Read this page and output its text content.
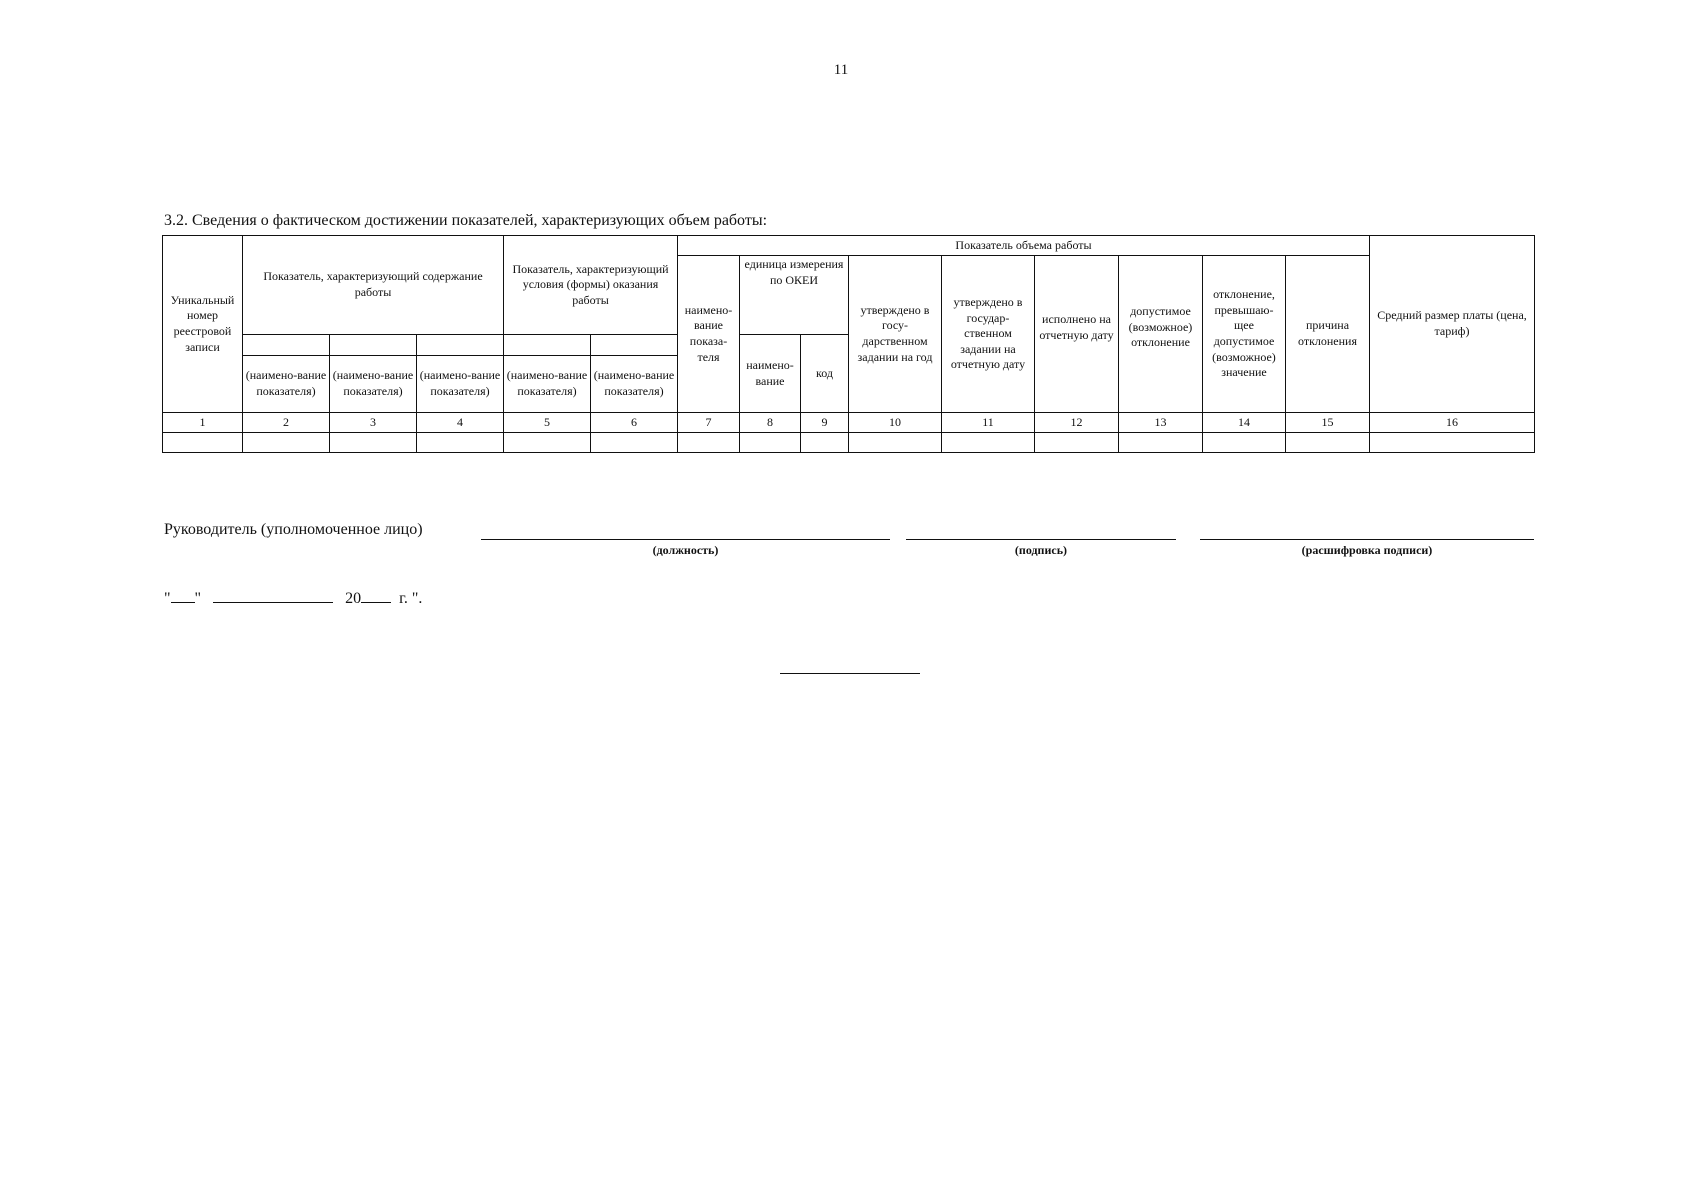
11
3.2. Сведения о фактическом достижении показателей, характеризующих объем работы:
Уникальный номер реестровой записи	Показатель, характеризующий содержание работы			Показатель, характеризующий условия (формы) оказания работы		Показатель объема работы									Средний размер платы (цена, тариф)
						наимено-вание показа-теля	единица измерения по ОКЕИ		утверждено в госу-дарственном задании на год	утверждено в государ-ственном задании на отчетную дату	исполнено на отчетную дату	допустимое (возможное) отклонение	отклонение, превышаю-щее допустимое (возможное) значение	причина отклонения	
							наимено-вание	код							
	(наимено-вание показателя)	(наимено-вание показателя)	(наимено-вание показателя)	(наимено-вание показателя)	(наимено-вание показателя)										
1	2	3	4	5	6	7	8	9	10	11	12	13	14	15	16

Руководитель (уполномоченное лицо)
(должность)	(подпись)	(расшифровка подписи)
" "	20 г. ".
